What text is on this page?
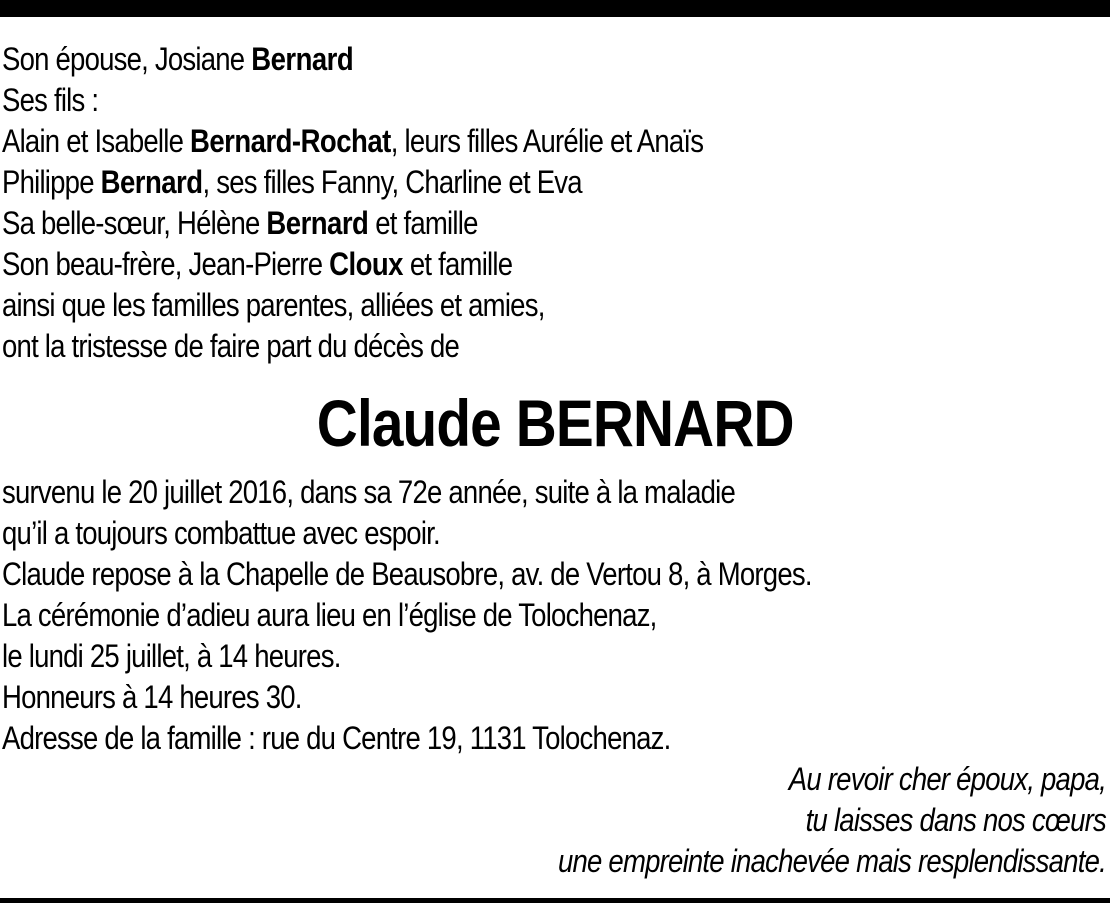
Son épouse, Josiane Bernard
Ses fils :
Alain et Isabelle Bernard-Rochat, leurs filles Aurélie et Anaïs
Philippe Bernard, ses filles Fanny, Charline et Eva
Sa belle-sœur, Hélène Bernard et famille
Son beau-frère, Jean-Pierre Cloux et famille
ainsi que les familles parentes, alliées et amies,
ont la tristesse de faire part du décès de
Claude BERNARD
survenu le 20 juillet 2016, dans sa 72e année, suite à la maladie
qu’il a toujours combattue avec espoir.
Claude repose à la Chapelle de Beausobre, av. de Vertou 8, à Morges.
La cérémonie d’adieu aura lieu en l’église de Tolochenaz,
le lundi 25 juillet, à 14 heures.
Honneurs à 14 heures 30.
Adresse de la famille : rue du Centre 19, 1131 Tolochenaz.
Au revoir cher époux, papa,
tu laisses dans nos cœurs
une empreinte inachevée mais resplendissante.
